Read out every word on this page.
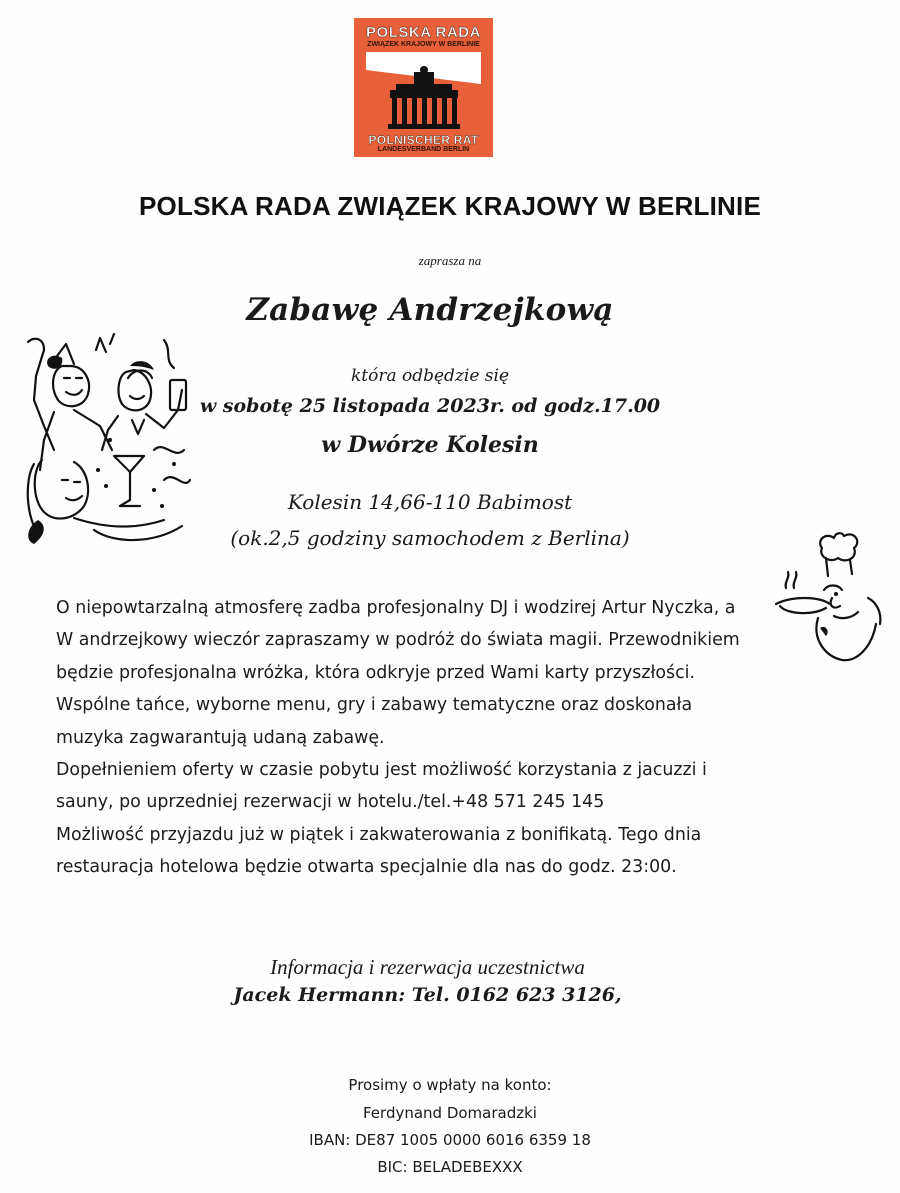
POLSKA RADA
ZWIĄZEK KRAJOWY W BERLINIE
POLNISCHER RAT
LANDESVERBAND BERLIN
POLSKA RADA ZWIĄZEK KRAJOWY W BERLINIE
zaprasza na
Zabawę Andrzejkową
która odbędzie się
w sobotę 25 listopada 2023r. od godz.17.00
w Dwórze Kolesin
Kolesin 14,66-110 Babimost
(ok.2,5 godziny samochodem z Berlina)
O niepowtarzalną atmosferę zadba profesjonalny DJ i wodzirej Artur Nyczka, a
W andrzejkowy wieczór zapraszamy w podróż do świata magii. Przewodnikiem
będzie profesjonalna wróżka, która odkryje przed Wami karty przyszłości.
Wspólne tańce, wyborne menu, gry i zabawy tematyczne oraz doskonała
muzyka zagwarantują udaną zabawę.
Dopełnieniem oferty w czasie pobytu jest możliwość korzystania z jacuzzi i
sauny, po uprzedniej rezerwacji w hotelu./tel.+48 571 245 145
Możliwość przyjazdu już w piątek i zakwaterowania z bonifikatą. Tego dnia
restauracja hotelowa będzie otwarta specjalnie dla nas do godz. 23:00.
Informacja i rezerwacja uczestnictwa
Jacek Hermann: Tel. 0162 623 3126,
Prosimy o wpłaty na konto:
Ferdynand Domaradzki
IBAN: DE87 1005 0000 6016 6359 18
BIC: BELADEBEXXX
